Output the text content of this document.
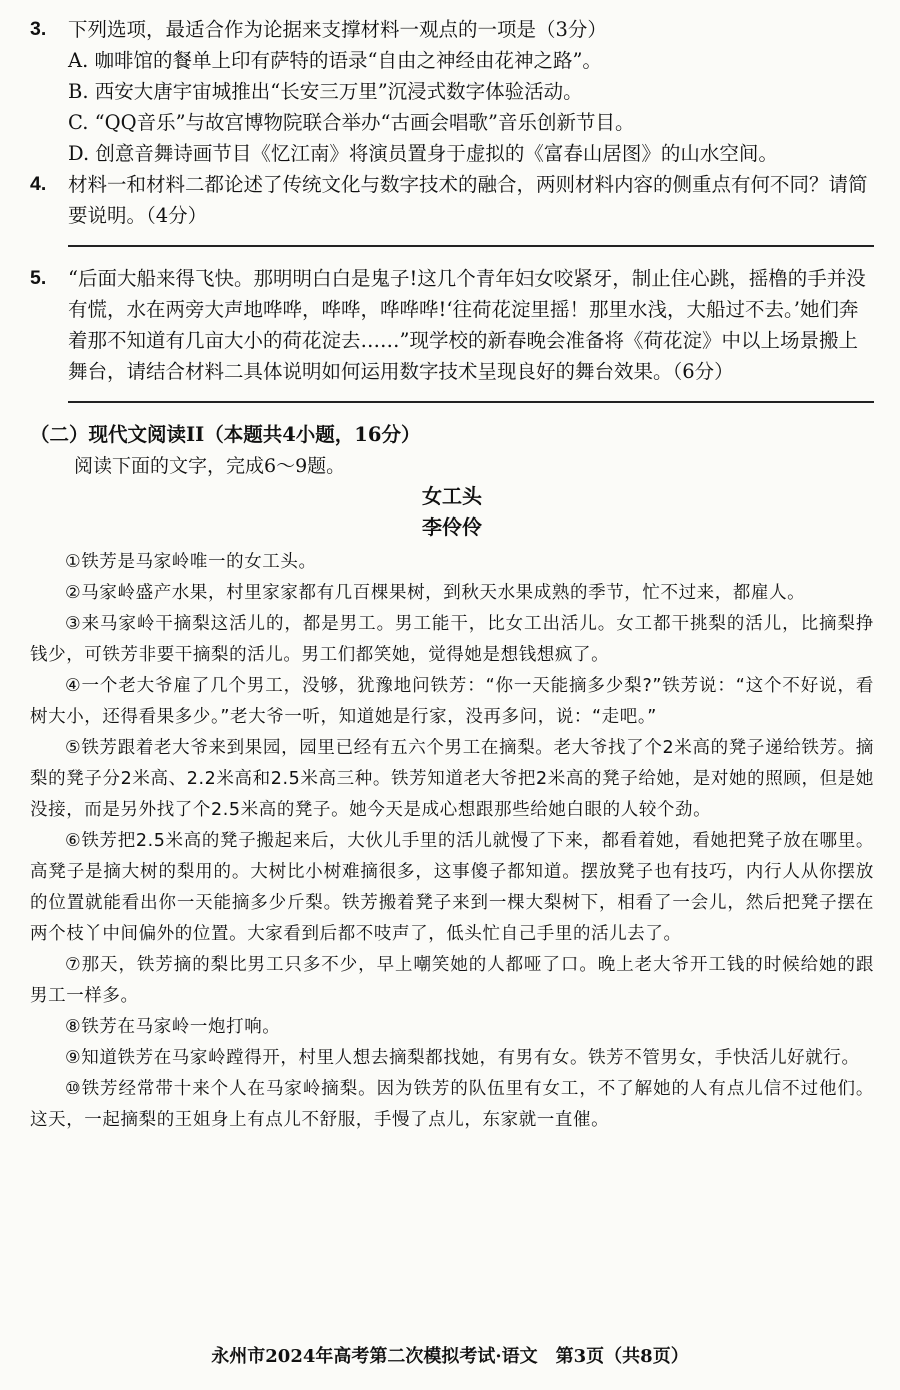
3. 下列选项，最适合作为论据来支撑材料一观点的一项是（3分）

A. 咖啡馆的餐单上印有萨特的语录“自由之神经由花神之路”。

B. 西安大唐宇宙城推出“长安三万里”沉浸式数字体验活动。

C. “QQ音乐”与故宫博物院联合举办“古画会唱歌”音乐创新节目。

D. 创意音舞诗画节目《忆江南》将演员置身于虚拟的《富春山居图》的山水空间。

4. 材料一和材料二都论述了传统文化与数字技术的融合，两则材料内容的侧重点有何不同？请简要说明。（4分）
5. “后面大船来得飞快。那明明白白是鬼子!这几个青年妇女咬紧牙，制止住心跳，摇橹的手并没有慌，水在两旁大声地哗哗，哗哗，哗哗哗!‘往荷花淀里摇！那里水浅，大船过不去。’她们奔着那不知道有几亩大小的荷花淀去……”现学校的新春晚会准备将《荷花淀》中以上场景搬上舞台，请结合材料二具体说明如何运用数字技术呈现良好的舞台效果。（6分）
（二）现代文阅读II（本题共4小题，16分）
阅读下面的文字，完成6～9题。
女工头
李伶伶

①铁芳是马家岭唯一的女工头。

②马家岭盛产水果，村里家家都有几百棵果树，到秋天水果成熟的季节，忙不过来，都雇人。

③来马家岭干摘梨这活儿的，都是男工。男工能干，比女工出活儿。女工都干挑梨的活儿，比摘梨挣钱少，可铁芳非要干摘梨的活儿。男工们都笑她，觉得她是想钱想疯了。

④一个老大爷雇了几个男工，没够，犹豫地问铁芳：“你一天能摘多少梨?”铁芳说：“这个不好说，看树大小，还得看果多少。”老大爷一听，知道她是行家，没再多问，说：“走吧。”

⑤铁芳跟着老大爷来到果园，园里已经有五六个男工在摘梨。老大爷找了个2米高的凳子递给铁芳。摘梨的凳子分2米高、2.2米高和2.5米高三种。铁芳知道老大爷把2米高的凳子给她，是对她的照顾，但是她没接，而是另外找了个2.5米高的凳子。她今天是成心想跟那些给她白眼的人较个劲。

⑥铁芳把2.5米高的凳子搬起来后，大伙儿手里的活儿就慢了下来，都看着她，看她把凳子放在哪里。高凳子是摘大树的梨用的。大树比小树难摘很多，这事傻子都知道。摆放凳子也有技巧，内行人从你摆放的位置就能看出你一天能摘多少斤梨。铁芳搬着凳子来到一棵大梨树下，相看了一会儿，然后把凳子摆在两个枝丫中间偏外的位置。大家看到后都不吱声了，低头忙自己手里的活儿去了。

⑦那天，铁芳摘的梨比男工只多不少，早上嘲笑她的人都哑了口。晚上老大爷开工钱的时候给她的跟男工一样多。

⑧铁芳在马家岭一炮打响。

⑨知道铁芳在马家岭蹚得开，村里人想去摘梨都找她，有男有女。铁芳不管男女，手快活儿好就行。

⑩铁芳经常带十来个人在马家岭摘梨。因为铁芳的队伍里有女工，不了解她的人有点儿信不过他们。这天，一起摘梨的王姐身上有点儿不舒服，手慢了点儿，东家就一直催。

永州市2024年高考第二次模拟考试·语文　第3页（共8页）
